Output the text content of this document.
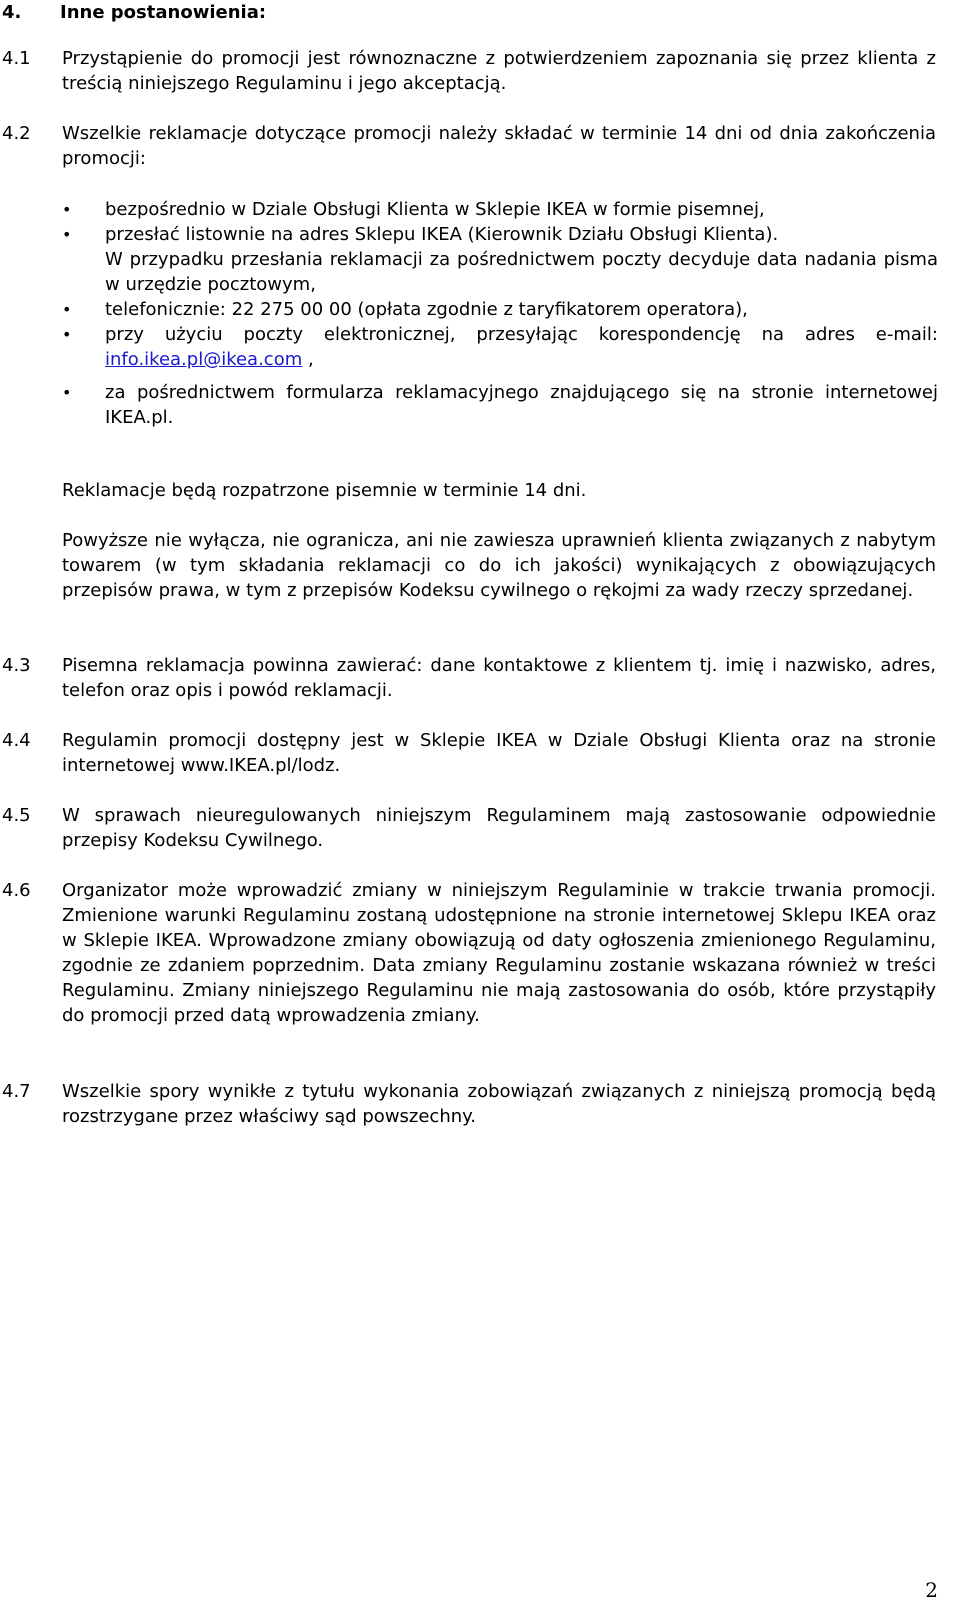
4. Inne postanowienia:
4.1 Przystąpienie do promocji jest równoznaczne z potwierdzeniem zapoznania się przez klienta z treścią niniejszego Regulaminu i jego akceptacją.

4.2 Wszelkie reklamacje dotyczące promocji należy składać w terminie 14 dni od dnia zakończenia promocji:

• bezpośrednio w Dziale Obsługi Klienta w Sklepie IKEA w formie pisemnej,
• przesłać listownie na adres Sklepu IKEA (Kierownik Działu Obsługi Klienta).
W przypadku przesłania reklamacji za pośrednictwem poczty decyduje data nadania pisma w urzędzie pocztowym,
• telefonicznie: 22 275 00 00 (opłata zgodnie z taryfikatorem operatora),
• przy użyciu poczty elektronicznej, przesyłając korespondencję na adres e-mail: info.ikea.pl@ikea.com ,
• za pośrednictwem formularza reklamacyjnego znajdującego się na stronie internetowej IKEA.pl.
Reklamacje będą rozpatrzone pisemnie w terminie 14 dni.
Powyższe nie wyłącza, nie ogranicza, ani nie zawiesza uprawnień klienta związanych z nabytym towarem (w tym składania reklamacji co do ich jakości) wynikających z obowiązujących przepisów prawa, w tym z przepisów Kodeksu cywilnego o rękojmi za wady rzeczy sprzedanej.
4.3 Pisemna reklamacja powinna zawierać: dane kontaktowe z klientem tj. imię i nazwisko, adres, telefon oraz opis i powód reklamacji.

4.4 Regulamin promocji dostępny jest w Sklepie IKEA w Dziale Obsługi Klienta oraz na stronie internetowej www.IKEA.pl/lodz.

4.5 W sprawach nieuregulowanych niniejszym Regulaminem mają zastosowanie odpowiednie przepisy Kodeksu Cywilnego.

4.6 Organizator może wprowadzić zmiany w niniejszym Regulaminie w trakcie trwania promocji. Zmienione warunki Regulaminu zostaną udostępnione na stronie internetowej Sklepu IKEA oraz w Sklepie IKEA. Wprowadzone zmiany obowiązują od daty ogłoszenia zmienionego Regulaminu, zgodnie ze zdaniem poprzednim. Data zmiany Regulaminu zostanie wskazana również w treści Regulaminu. Zmiany niniejszego Regulaminu nie mają zastosowania do osób, które przystąpiły do promocji przed datą wprowadzenia zmiany.

4.7 Wszelkie spory wynikłe z tytułu wykonania zobowiązań związanych z niniejszą promocją będą rozstrzygane przez właściwy sąd powszechny.

2
